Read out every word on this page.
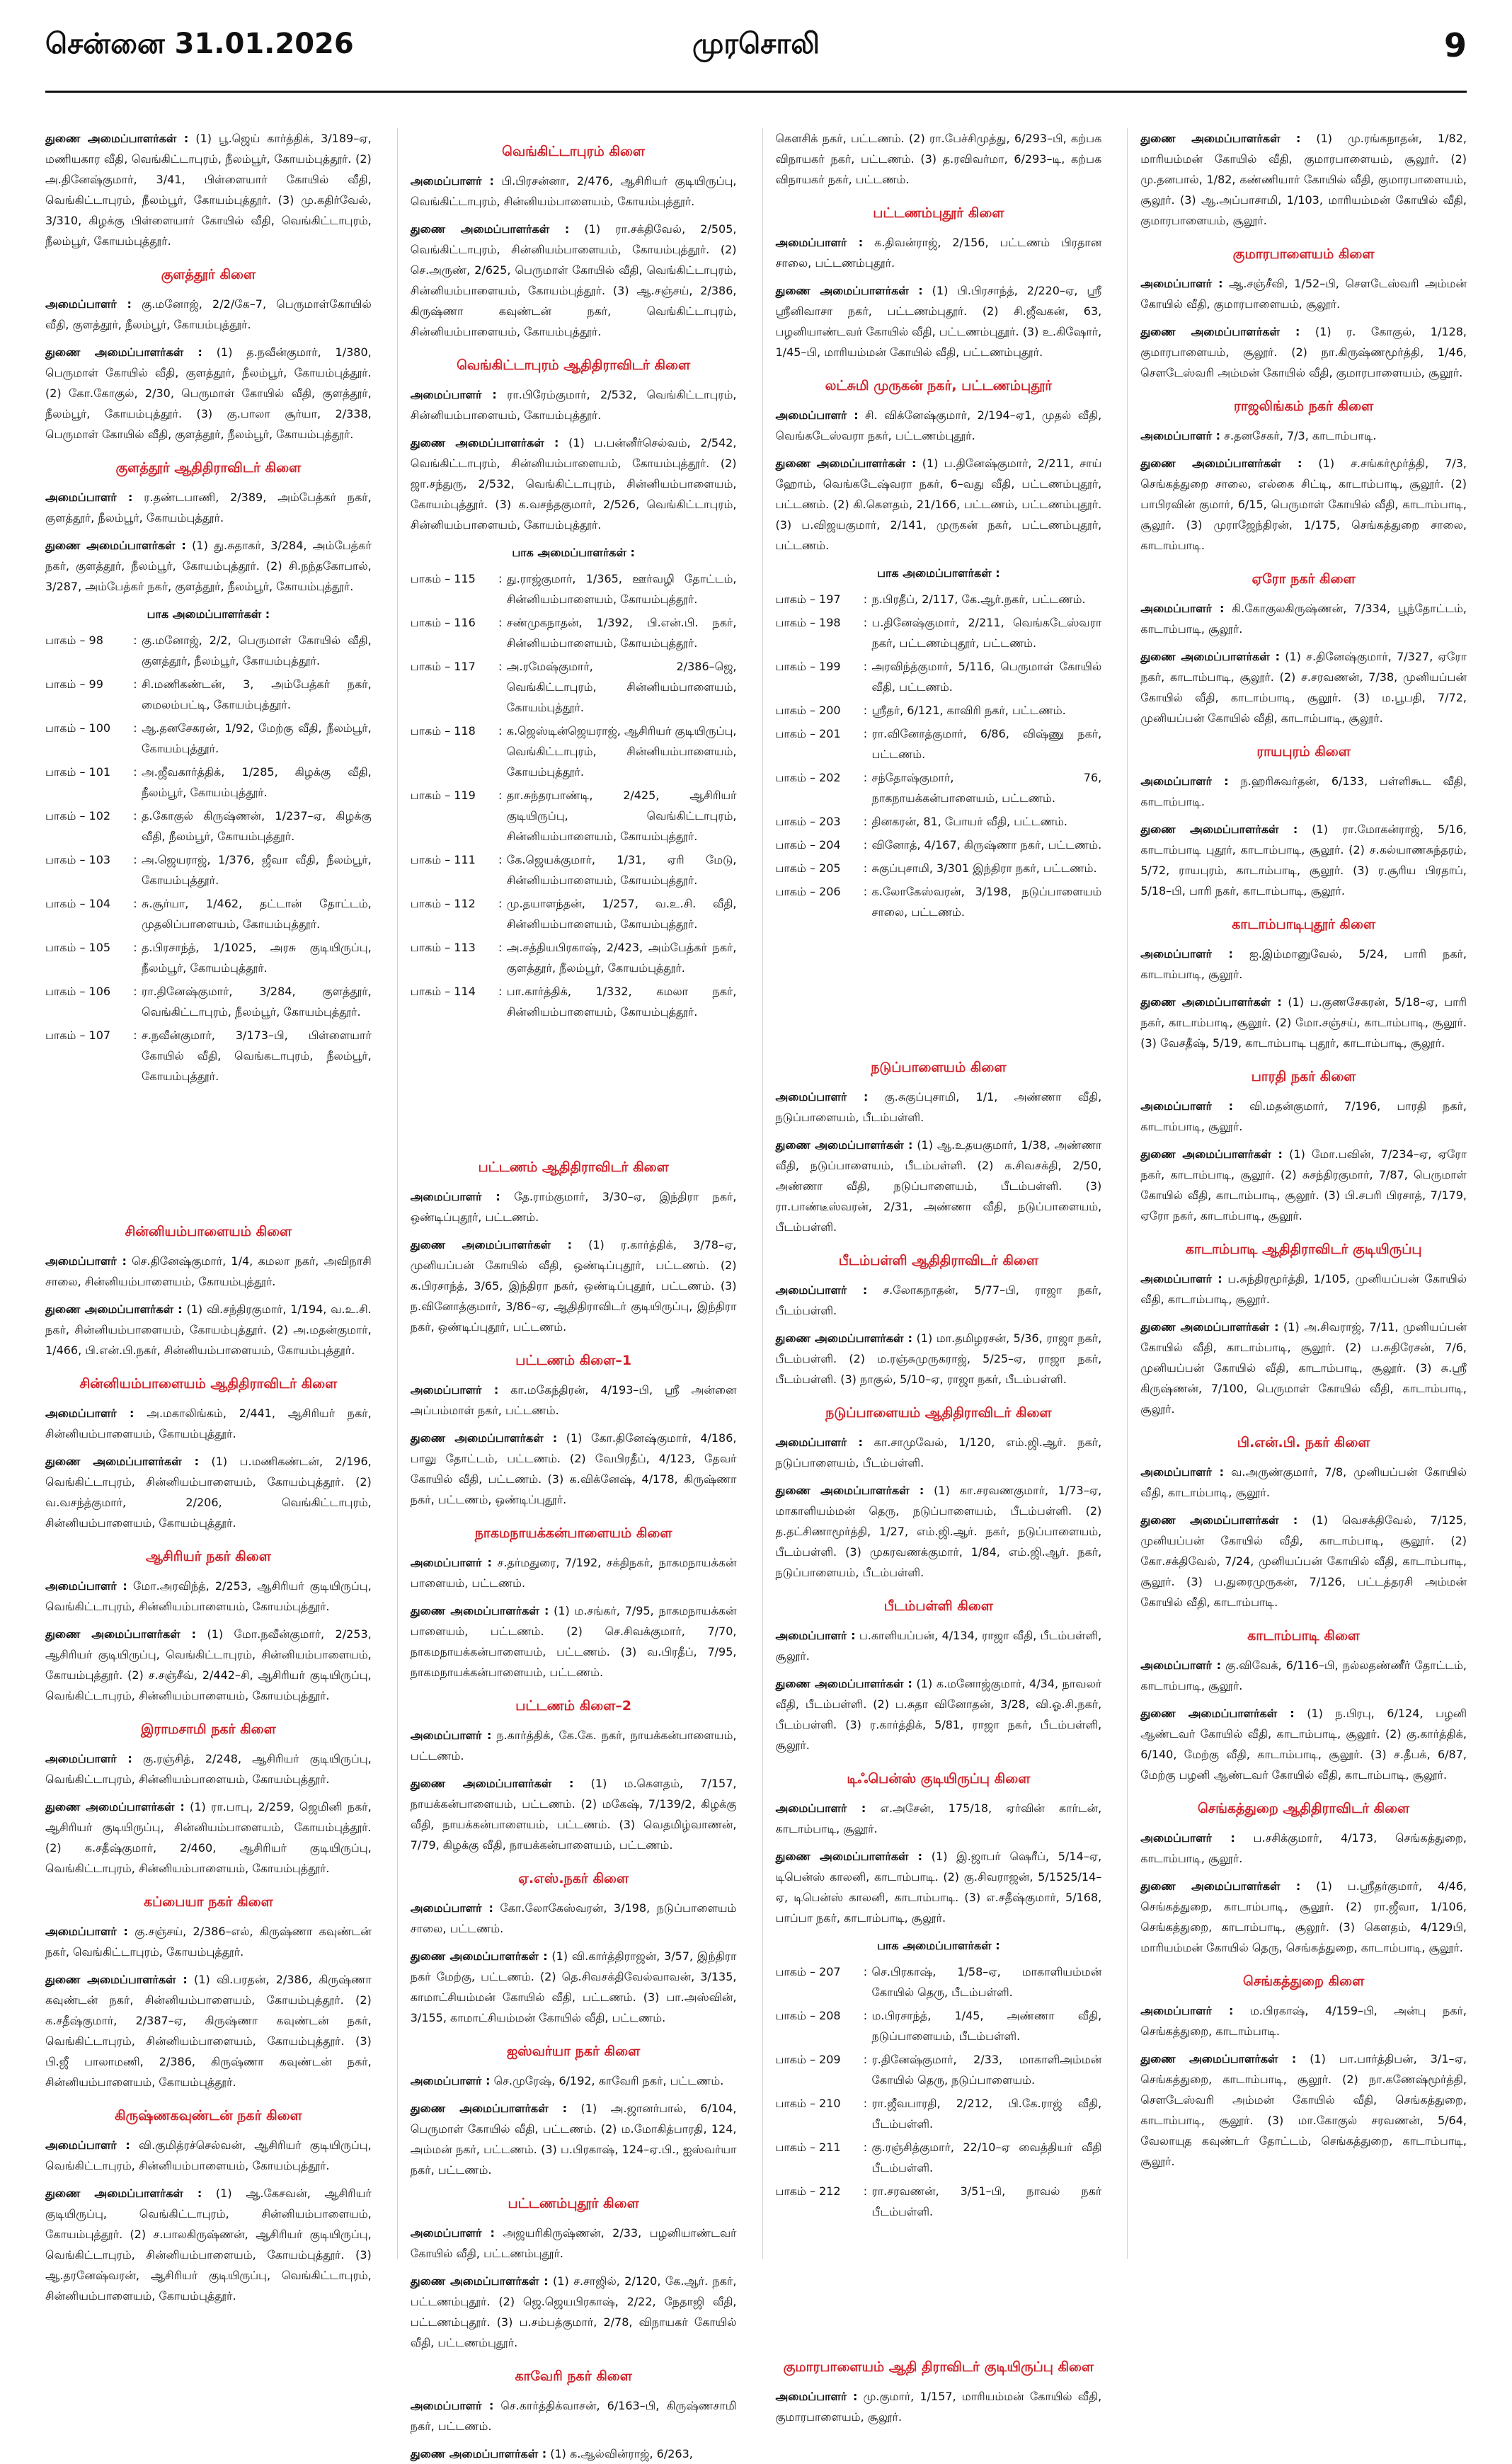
சென்னை 31.01.2026	முரசொலி	9

துணை அமைப்பாளர்கள் : (1) பூ.ஜெய் கார்த்திக், 3/189–ஏ, மணியகார வீதி, வெங்கிட்டாபுரம், நீலம்பூர், கோயம்புத்தூர். (2) அ.தினேஷ்குமார், 3/41, பிள்ளையார் கோயில் வீதி, வெங்கிட்டாபுரம், நீலம்பூர், கோயம்புத்தூர். (3) மு.கதிர்வேல், 3/310, கிழக்கு பிள்ளையார் கோயில் வீதி, வெங்கிட்டாபுரம், நீலம்பூர், கோயம்புத்தூர்.

குளத்தூர் கிளை

அமைப்பாளர் : கு.மனோஜ், 2/2/கே–7, பெருமாள்கோயில் வீதி, குளத்தூர், நீலம்பூர், கோயம்புத்தூர்.

துணை அமைப்பாளர்கள் : (1) த.நவீன்குமார், 1/380, பெருமாள் கோயில் வீதி, குளத்தூர், நீலம்பூர், கோயம்புத்தூர். (2) கோ.கோகுல், 2/30, பெருமாள் கோயில் வீதி, குளத்தூர், நீலம்பூர், கோயம்புத்தூர். (3) கு.பாலா சூர்யா, 2/338, பெருமாள் கோயில் வீதி, குளத்தூர், நீலம்பூர், கோயம்புத்தூர்.

குளத்தூர் ஆதிதிராவிடர் கிளை

அமைப்பாளர் : ர.தண்டபாணி, 2/389, அம்பேத்கர் நகர், குளத்தூர், நீலம்பூர், கோயம்புத்தூர்.

துணை அமைப்பாளர்கள் : (1) து.சுதாகர், 3/284, அம்பேத்கர் நகர், குளத்தூர், நீலம்பூர், கோயம்புத்தூர். (2) சி.நந்தகோபால், 3/287, அம்பேத்கர் நகர், குளத்தூர், நீலம்பூர், கோயம்புத்தூர்.

பாக அமைப்பாளர்கள் :
பாகம் – 98	: கு.மனோஜ், 2/2, பெருமாள் கோயில் வீதி, குளத்தூர், நீலம்பூர், கோயம்புத்தூர்.
பாகம் – 99	: சி.மணிகண்டன், 3, அம்பேத்கர் நகர், மைலம்பட்டி, கோயம்புத்தூர்.
பாகம் – 100	: ஆ.தனசேகரன், 1/92, மேற்கு வீதி, நீலம்பூர், கோயம்புத்தூர்.
பாகம் – 101	: அ.ஜீவகார்த்திக், 1/285, கிழக்கு வீதி, நீலம்பூர், கோயம்புத்தூர்.
பாகம் – 102	: த.கோகுல் கிருஷ்ணன், 1/237–ஏ, கிழக்கு வீதி, நீலம்பூர், கோயம்புத்தூர்.
பாகம் – 103	: அ.ஜெயராஜ், 1/376, ஜீவா வீதி, நீலம்பூர், கோயம்புத்தூர்.
பாகம் – 104	: சு.சூர்யா, 1/462, தட்டான் தோட்டம், முதலிப்பாளையம், கோயம்புத்தூர்.
பாகம் – 105	: த.பிரசாந்த், 1/1025, அரசு குடியிருப்பு, நீலம்பூர், கோயம்புத்தூர்.
பாகம் – 106	: ரா.தினேஷ்குமார், 3/284, குளத்தூர், வெங்கிட்டாபுரம், நீலம்பூர், கோயம்புத்தூர்.
பாகம் – 107	: ச.நவீன்குமார், 3/173–பி, பிள்ளையார் கோயில் வீதி, வெங்கடாபுரம், நீலம்பூர், கோயம்புத்தூர்.
சின்னியம்பாளையம் கிளை

அமைப்பாளர் : செ.தினேஷ்குமார், 1/4, கமலா நகர், அவிநாசி சாலை, சின்னியம்பாளையம், கோயம்புத்தூர்.

துணை அமைப்பாளர்கள் : (1) வி.சந்திரகுமார், 1/194, வ.உ.சி. நகர், சின்னியம்பாளையம், கோயம்புத்தூர். (2) அ.மதன்குமார், 1/466, பி.என்.பி.நகர், சின்னியம்பாளையம், கோயம்புத்தூர்.

சின்னியம்பாளையம் ஆதிதிராவிடர் கிளை

அமைப்பாளர் : அ.மகாலிங்கம், 2/441, ஆசிரியர் நகர், சின்னியம்பாளையம், கோயம்புத்தூர்.

துணை அமைப்பாளர்கள் : (1) ப.மணிகண்டன், 2/196, வெங்கிட்டாபுரம், சின்னியம்பாளையம், கோயம்புத்தூர். (2) வ.வசந்த்குமார், 2/206, வெங்கிட்டாபுரம், சின்னியம்பாளையம், கோயம்புத்தூர்.

ஆசிரியர் நகர் கிளை

அமைப்பாளர் : மோ.அரவிந்த், 2/253, ஆசிரியர் குடியிருப்பு, வெங்கிட்டாபுரம், சின்னியம்பாளையம், கோயம்புத்தூர்.

துணை அமைப்பாளர்கள் : (1) மோ.நவீன்குமார், 2/253, ஆசிரியர் குடியிருப்பு, வெங்கிட்டாபுரம், சின்னியம்பாளையம், கோயம்புத்தூர். (2) ச.சஞ்சீவ், 2/442–சி, ஆசிரியர் குடியிருப்பு, வெங்கிட்டாபுரம், சின்னியம்பாளையம், கோயம்புத்தூர்.

இராமசாமி நகர் கிளை

அமைப்பாளர் : கு.ரஞ்சித், 2/248, ஆசிரியர் குடியிருப்பு, வெங்கிட்டாபுரம், சின்னியம்பாளையம், கோயம்புத்தூர்.

துணை அமைப்பாளர்கள் : (1) ரா.பாபு, 2/259, ஜெமினி நகர், ஆசிரியர் குடியிருப்பு, சின்னியம்பாளையம், கோயம்புத்தூர். (2) க.சதீஷ்குமார், 2/460, ஆசிரியர் குடியிருப்பு, வெங்கிட்டாபுரம், சின்னியம்பாளையம், கோயம்புத்தூர்.

கப்பையா நகர் கிளை

அமைப்பாளர் : கு.சஞ்சய், 2/386–எல், கிருஷ்ணா கவுண்டன் நகர், வெங்கிட்டாபுரம், கோயம்புத்தூர்.

துணை அமைப்பாளர்கள் : (1) வி.பரதன், 2/386, கிருஷ்ணா கவுண்டன் நகர், சின்னியம்பாளையம், கோயம்புத்தூர். (2) க.சதீஷ்குமார், 2/387–ஏ, கிருஷ்ணா கவுண்டன் நகர், வெங்கிட்டாபுரம், சின்னியம்பாளையம், கோயம்புத்தூர். (3) பி.ஜீ பாலாமணி, 2/386, கிருஷ்ணா கவுண்டன் நகர், சின்னியம்பாளையம், கோயம்புத்தூர்.

கிருஷ்ணகவுண்டன் நகர் கிளை

அமைப்பாளர் : வி.குமித்ரச்செல்வன், ஆசிரியர் குடியிருப்பு, வெங்கிட்டாபுரம், சின்னியம்பாளையம், கோயம்புத்தூர்.

துணை அமைப்பாளர்கள் : (1) ஆ.கேசவன், ஆசிரியர் குடியிருப்பு, வெங்கிட்டாபுரம், சின்னியம்பாளையம், கோயம்புத்தூர். (2) ச.பாலகிருஷ்ணன், ஆசிரியர் குடியிருப்பு, வெங்கிட்டாபுரம், சின்னியம்பாளையம், கோயம்புத்தூர். (3) ஆ.தரனேஷ்வரன், ஆசிரியர் குடியிருப்பு, வெங்கிட்டாபுரம், சின்னியம்பாளையம், கோயம்புத்தூர்.

வெங்கிட்டாபுரம் கிளை

அமைப்பாளர் : பி.பிரசன்னா, 2/476, ஆசிரியர் குடியிருப்பு, வெங்கிட்டாபுரம், சின்னியம்பாளையம், கோயம்புத்தூர்.

துணை அமைப்பாளர்கள் : (1) ரா.சக்திவேல், 2/505, வெங்கிட்டாபுரம், சின்னியம்பாளையம், கோயம்புத்தூர். (2) செ.அருண், 2/625, பெருமாள் கோயில் வீதி, வெங்கிட்டாபுரம், சின்னியம்பாளையம், கோயம்புத்தூர். (3) ஆ.சஞ்சய், 2/386, கிருஷ்ணா கவுண்டன் நகர், வெங்கிட்டாபுரம், சின்னியம்பாளையம், கோயம்புத்தூர்.

வெங்கிட்டாபுரம் ஆதிதிராவிடர் கிளை

அமைப்பாளர் : ரா.பிரேம்குமார், 2/532, வெங்கிட்டாபுரம், சின்னியம்பாளையம், கோயம்புத்தூர்.

துணை அமைப்பாளர்கள் : (1) ப.பன்னீர்செல்வம், 2/542, வெங்கிட்டாபுரம், சின்னியம்பாளையம், கோயம்புத்தூர். (2) ஜா.சந்துரு, 2/532, வெங்கிட்டாபுரம், சின்னியம்பாளையம், கோயம்புத்தூர். (3) க.வசந்தகுமார், 2/526, வெங்கிட்டாபுரம், சின்னியம்பாளையம், கோயம்புத்தூர்.

பாக அமைப்பாளர்கள் :
பாகம் – 115	: து.ராஜ்குமார், 1/365, ஊர்வழி தோட்டம், சின்னியம்பாளையம், கோயம்புத்தூர்.
பாகம் – 116	: சண்முகநாதன், 1/392, பி.என்.பி. நகர், சின்னியம்பாளையம், கோயம்புத்தூர்.
பாகம் – 117	: அ.ரமேஷ்குமார், 2/386–ஜெ, வெங்கிட்டாபுரம், சின்னியம்பாளையம், கோயம்புத்தூர்.
பாகம் – 118	: க.ஜெஸ்டின்ஜெயராஜ், ஆசிரியர் குடியிருப்பு, வெங்கிட்டாபுரம், சின்னியம்பாளையம், கோயம்புத்தூர்.
பாகம் – 119	: தா.சுந்தரபாண்டி, 2/425, ஆசிரியர் குடியிருப்பு, வெங்கிட்டாபுரம், சின்னியம்பாளையம், கோயம்புத்தூர்.
பாகம் – 111	: கே.ஜெயக்குமார், 1/31, ஏரி மேடு, சின்னியம்பாளையம், கோயம்புத்தூர்.
பாகம் – 112	: மு.தயாளந்தன், 1/257, வ.உ.சி. வீதி, சின்னியம்பாளையம், கோயம்புத்தூர்.
பாகம் – 113	: அ.சத்தியபிரகாஷ், 2/423, அம்பேத்கர் நகர், குளத்தூர், நீலம்பூர், கோயம்புத்தூர்.
பாகம் – 114	: பா.கார்த்திக், 1/332, கமலா நகர், சின்னியம்பாளையம், கோயம்புத்தூர்.
பட்டணம் ஆதிதிராவிடர் கிளை

அமைப்பாளர் : தே.ராம்குமார், 3/30–ஏ, இந்திரா நகர், ஒண்டிப்புதூர், பட்டணம்.

துணை அமைப்பாளர்கள் : (1) ர.கார்த்திக், 3/78–ஏ, முனியப்பன் கோயில் வீதி, ஒண்டிப்புதூர், பட்டணம். (2) க.பிரசாந்த், 3/65, இந்திரா நகர், ஒண்டிப்புதூர், பட்டணம். (3) ந.வினோத்குமார், 3/86–ஏ, ஆதிதிராவிடர் குடியிருப்பு, இந்திரா நகர், ஒண்டிப்புதூர், பட்டணம்.

பட்டணம் கிளை–1

அமைப்பாளர் : கா.மகேந்திரன், 4/193–பி, ஸ்ரீ அன்னை அப்பம்மாள் நகர், பட்டணம்.

துணை அமைப்பாளர்கள் : (1) கோ.தினேஷ்குமார், 4/186, பாலு தோட்டம், பட்டணம். (2) வேபிரதீப், 4/123, தேவர் கோயில் வீதி, பட்டணம். (3) க.விக்னேஷ், 4/178, கிருஷ்ணா நகர், பட்டணம், ஒண்டிப்புதூர்.

நாகமநாயக்கன்பாளையம் கிளை

அமைப்பாளர் : ச.தர்மதுரை, 7/192, சக்திநகர், நாகமநாயக்கன் பாளையம், பட்டணம்.

துணை அமைப்பாளர்கள் : (1) ம.சங்கர், 7/95, நாகமநாயக்கன் பாளையம், பட்டணம். (2) செ.சிவக்குமார், 7/70, நாகமநாயக்கன்பாளையம், பட்டணம். (3) வ.பிரதீப், 7/95, நாகமநாயக்கன்பாளையம், பட்டணம்.

பட்டணம் கிளை–2

அமைப்பாளர் : ந.கார்த்திக், கே.கே. நகர், நாயக்கன்பாளையம், பட்டணம்.

துணை அமைப்பாளர்கள் : (1) ம.கௌதம், 7/157, நாயக்கன்பாளையம், பட்டணம். (2) மகேஷ், 7/139/2, கிழக்கு வீதி, நாயக்கன்பாளையம், பட்டணம். (3) வெதமிழ்வாணன், 7/79, கிழக்கு வீதி, நாயக்கன்பாளையம், பட்டணம்.

ஏ.எஸ்.நகர் கிளை

அமைப்பாளர் : கோ.லோகேஸ்வரன், 3/198, நடுப்பாளையம் சாலை, பட்டணம்.

துணை அமைப்பாளர்கள் : (1) வி.கார்த்திராஜன், 3/57, இந்திரா நகர் மேற்கு, பட்டணம். (2) தெ.சிவசக்திவேல்வாவன், 3/135, காமாட்சியம்மன் கோயில் வீதி, பட்டணம். (3) பா.அஸ்வின், 3/155, காமாட்சியம்மன் கோயில் வீதி, பட்டணம்.

ஐஸ்வர்யா நகர் கிளை

அமைப்பாளர் : செ.முரேஷ், 6/192, காவேரி நகர், பட்டணம்.

துணை அமைப்பாளர்கள் : (1) அ.ஜானர்பால், 6/104, பெருமாள் கோயில் வீதி, பட்டணம். (2) ம.மோகித்பாரதி, 124, அம்மன் நகர், பட்டணம். (3) ப.பிரகாஷ், 124–ஏ.பி., ஐஸ்வர்யா நகர், பட்டணம்.

பட்டணம்புதூர் கிளை

அமைப்பாளர் : அஜயரிகிருஷ்ணன், 2/33, பழனியாண்டவர் கோயில் வீதி, பட்டணம்புதூர்.

துணை அமைப்பாளர்கள் : (1) ச.சாஜில், 2/120, கே.ஆர். நகர், பட்டணம்புதூர். (2) ஜெ.ஜெயபிரகாஷ், 2/22, நேதாஜி வீதி, பட்டணம்புதூர். (3) ப.சம்பத்குமார், 2/78, விநாயகர் கோயில் வீதி, பட்டணம்புதூர்.

காவேரி நகர் கிளை

அமைப்பாளர் : செ.கார்த்திக்வாசன், 6/163–பி, கிருஷ்ணசாமி நகர், பட்டணம்.

துணை அமைப்பாளர்கள் : (1) க.ஆல்வின்ராஜ், 6/263,

கௌசிக் நகர், பட்டணம். (2) ரா.பேச்சிமுத்து, 6/293–பி, கற்பக விநாயகர் நகர், பட்டணம். (3) த.ரவிவர்மா, 6/293–டி, கற்பக விநாயகர் நகர், பட்டணம்.

பட்டணம்புதூர் கிளை

அமைப்பாளர் : க.திவன்ராஜ், 2/156, பட்டணம் பிரதான சாலை, பட்டணம்புதூர்.

துணை அமைப்பாளர்கள் : (1) பி.பிரசாந்த், 2/220–ஏ, ஸ்ரீ ஸ்ரீனிவாசா நகர், பட்டணம்புதூர். (2) சி.ஜீவகன், 63, பழனியாண்டவர் கோயில் வீதி, பட்டணம்புதூர். (3) உ.கிஷோர், 1/45–பி, மாரியம்மன் கோயில் வீதி, பட்டணம்புதூர்.

லட்சுமி முருகன் நகர், பட்டணம்புதூர்

அமைப்பாளர் : சி. விக்னேஷ்குமார், 2/194–ஏ1, முதல் வீதி, வெங்கடேஸ்வரா நகர், பட்டணம்புதூர்.

துணை அமைப்பாளர்கள் : (1) ப.தினேஷ்குமார், 2/211, சாய் ஹோம், வெங்கடேஷ்வரா நகர், 6–வது வீதி, பட்டணம்புதூர், பட்டணம். (2) கி.கௌதம், 21/166, பட்டணம், பட்டணம்புதூர். (3) ப.விஜயகுமார், 2/141, முருகன் நகர், பட்டணம்புதூர், பட்டணம்.

பாக அமைப்பாளர்கள் :
பாகம் – 197	: ந.பிரதீப், 2/117, கே.ஆர்.நகர், பட்டணம்.
பாகம் – 198	: ப.தினேஷ்குமார், 2/211, வெங்கடேஸ்வரா நகர், பட்டணம்புதூர், பட்டணம்.
பாகம் – 199	: அரவிந்த்குமார், 5/116, பெருமாள் கோயில் வீதி, பட்டணம்.
பாகம் – 200	: ஸ்ரீதர், 6/121, காவிரி நகர், பட்டணம்.
பாகம் – 201	: ரா.வினோத்குமார், 6/86, விஷ்ணு நகர், பட்டணம்.
பாகம் – 202	: சந்தோஷ்குமார், 76, நாகநாயக்கன்பாளையம், பட்டணம்.
பாகம் – 203	: தினகரன், 81, போயர் வீதி, பட்டணம்.
பாகம் – 204	: வினோத், 4/167, கிருஷ்ணா நகர், பட்டணம்.
பாகம் – 205	: சுகுப்புசாமி, 3/301 இந்திரா நகர், பட்டணம்.
பாகம் – 206	: க.லோகேஸ்வரன், 3/198, நடுப்பாளையம் சாலை, பட்டணம்.
நடுப்பாளையம் கிளை

அமைப்பாளர் : கு.சுகுப்புசாமி, 1/1, அண்ணா வீதி, நடுப்பாளையம், பீடம்பள்ளி.

துணை அமைப்பாளர்கள் : (1) ஆ.உதயகுமார், 1/38, அண்ணா வீதி, நடுப்பாளையம், பீடம்பள்ளி. (2) க.சிவசக்தி, 2/50, அண்ணா வீதி, நடுப்பாளையம், பீடம்பள்ளி. (3) ரா.பாண்டீஸ்வரன், 2/31, அண்ணா வீதி, நடுப்பாளையம், பீடம்பள்ளி.

பீடம்பள்ளி ஆதிதிராவிடர் கிளை

அமைப்பாளர் : ச.லோகநாதன், 5/77–பி, ராஜா நகர், பீடம்பள்ளி.

துணை அமைப்பாளர்கள் : (1) மா.தமிழரசன், 5/36, ராஜா நகர், பீடம்பள்ளி. (2) ம.ரஞ்சுமுருகராஜ், 5/25–ஏ, ராஜா நகர், பீடம்பள்ளி. (3) நாகுல், 5/10–ஏ, ராஜா நகர், பீடம்பள்ளி.

நடுப்பாளையம் ஆதிதிராவிடர் கிளை

அமைப்பாளர் : கா.சாமுவேல், 1/120, எம்.ஜி.ஆர். நகர், நடுப்பாளையம், பீடம்பள்ளி.

துணை அமைப்பாளர்கள் : (1) கா.சரவணகுமார், 1/73–ஏ, மாகாளியம்மன் தெரு, நடுப்பாளையம், பீடம்பள்ளி. (2) த.தட்சிணாமூர்த்தி, 1/27, எம்.ஜி.ஆர். நகர், நடுப்பாளையம், பீடம்பள்ளி. (3) முகரவணக்குமார், 1/84, எம்.ஜி.ஆர். நகர், நடுப்பாளையம், பீடம்பள்ளி.

பீடம்பள்ளி கிளை

அமைப்பாளர் : ப.காளியப்பன், 4/134, ராஜா வீதி, பீடம்பள்ளி, சூலூர்.

துணை அமைப்பாளர்கள் : (1) க.மனோஜ்குமார், 4/34, நாவலர் வீதி, பீடம்பள்ளி. (2) ப.சுதா வினோதன், 3/28, வி.ஓ.சி.நகர், பீடம்பள்ளி. (3) ர.கார்த்திக், 5/81, ராஜா நகர், பீடம்பள்ளி, சூலூர்.

டிஃபென்ஸ் குடியிருப்பு கிளை

அமைப்பாளர் : எ.அசேன், 175/18, ஏர்வின் கார்டன், காடாம்பாடி, சூலூர்.

துணை அமைப்பாளர்கள் : (1) இ.ஜாபர் ஷெரீப், 5/14–ஏ, டிபென்ஸ் காலனி, காடாம்பாடி. (2) கு.சிவராஜன், 5/1525/14–ஏ, டிபென்ஸ் காலனி, காடாம்பாடி. (3) எ.சதீஷ்குமார், 5/168, பாப்பா நகர், காடாம்பாடி, சூலூர்.

பாக அமைப்பாளர்கள் :
பாகம் – 207	: செ.பிரகாஷ், 1/58–ஏ, மாகாளியம்மன் கோயில் தெரு, பீடம்பள்ளி.
பாகம் – 208	: ம.பிரசாந்த், 1/45, அண்ணா வீதி, நடுப்பாளையம், பீடம்பள்ளி.
பாகம் – 209	: ர.தினேஷ்குமார், 2/33, மாகாளிஅம்மன் கோயில் தெரு, நடுப்பாளையம்.
பாகம் – 210	: ரா.ஜீவபாரதி, 2/212, பி.கே.ராஜ் வீதி, பீடம்பள்ளி.
பாகம் – 211	: கு.ரஞ்சித்குமார், 22/10–ஏ வைத்தியர் வீதி பீடம்பள்ளி.
பாகம் – 212	: ரா.சரவணன், 3/51–பி, நாவல் நகர் பீடம்பள்ளி.
குமாரபாளையம் ஆதி திராவிடர் குடியிருப்பு கிளை

அமைப்பாளர் : மு.குமார், 1/157, மாரியம்மன் கோயில் வீதி, குமாரபாளையம், சூலூர்.

துணை அமைப்பாளர்கள் : (1) மு.ரங்கநாதன், 1/82, மாரியம்மன் கோயில் வீதி, குமாரபாளையம், சூலூர். (2) மு.தனபால், 1/82, கண்ணியார் கோயில் வீதி, குமாரபாளையம், சூலூர். (3) ஆ.அப்பாசாமி, 1/103, மாரியம்மன் கோயில் வீதி, குமாரபாளையம், சூலூர்.

குமாரபாளையம் கிளை

அமைப்பாளர் : ஆ.சஞ்சீவி, 1/52–பி, சௌடேஸ்வரி அம்மன் கோயில் வீதி, குமாரபாளையம், சூலூர்.

துணை அமைப்பாளர்கள் : (1) ர. கோகுல், 1/128, குமாரபாளையம், சூலூர். (2) நா.கிருஷ்ணமூர்த்தி, 1/46, சௌடேஸ்வரி அம்மன் கோயில் வீதி, குமாரபாளையம், சூலூர்.

ராஜலிங்கம் நகர் கிளை

அமைப்பாளர் : ச.தனசேகர், 7/3, காடாம்பாடி.

துணை அமைப்பாளர்கள் : (1) ச.சங்கர்மூர்த்தி, 7/3, செங்கத்துறை சாலை, எல்கை சிட்டி, காடாம்பாடி, சூலூர். (2) பாபிரவின் குமார், 6/15, பெருமாள் கோயில் வீதி, காடாம்பாடி, சூலூர். (3) முராஜேந்திரன், 1/175, செங்கத்துறை சாலை, காடாம்பாடி.

ஏரோ நகர் கிளை

அமைப்பாளர் : கி.கோகுலகிருஷ்ணன், 7/334, பூந்தோட்டம், காடாம்பாடி, சூலூர்.

துணை அமைப்பாளர்கள் : (1) ச.தினேஷ்குமார், 7/327, ஏரோ நகர், காடாம்பாடி, சூலூர். (2) ச.சரவணன், 7/38, முனியப்பன் கோயில் வீதி, காடாம்பாடி, சூலூர். (3) ம.பூபதி, 7/72, முனியப்பன் கோயில் வீதி, காடாம்பாடி, சூலூர்.

ராயபுரம் கிளை

அமைப்பாளர் : ந.ஹரிசுவர்தன், 6/133, பள்ளிகூட வீதி, காடாம்பாடி.

துணை அமைப்பாளர்கள் : (1) ரா.மோகன்ராஜ், 5/16, காடாம்பாடி புதூர், காடாம்பாடி, சூலூர். (2) ச.கல்யாணசுந்தரம், 5/72, ராயபுரம், காடாம்பாடி, சூலூர். (3) ர.சூரிய பிரதாப், 5/18–பி, பாரி நகர், காடாம்பாடி, சூலூர்.

காடாம்பாடிபுதூர் கிளை

அமைப்பாளர் : ஐ.இம்மானுவேல், 5/24, பாரி நகர், காடாம்பாடி, சூலூர்.

துணை அமைப்பாளர்கள் : (1) ப.குணசேகரன், 5/18–ஏ, பாரி நகர், காடாம்பாடி, சூலூர். (2) மோ.சஞ்சய், காடாம்பாடி, சூலூர். (3) வேசதீஷ், 5/19, காடாம்பாடி புதூர், காடாம்பாடி, சூலூர்.

பாரதி நகர் கிளை

அமைப்பாளர் : வி.மதன்குமார், 7/196, பாரதி நகர், காடாம்பாடி, சூலூர்.

துணை அமைப்பாளர்கள் : (1) மோ.பவின், 7/234–ஏ, ஏரோ நகர், காடாம்பாடி, சூலூர். (2) சுசந்திரகுமார், 7/87, பெருமாள் கோயில் வீதி, காடாம்பாடி, சூலூர். (3) பி.சபரி பிரசாத், 7/179, ஏரோ நகர், காடாம்பாடி, சூலூர்.

காடாம்பாடி ஆதிதிராவிடர் குடியிருப்பு

அமைப்பாளர் : ப.சுந்திரமூர்த்தி, 1/105, முனியப்பன் கோயில் வீதி, காடாம்பாடி, சூலூர்.

துணை அமைப்பாளர்கள் : (1) அ.சிவராஜ், 7/11, முனியப்பன் கோயில் வீதி, காடாம்பாடி, சூலூர். (2) ப.சுதிரேசன், 7/6, முனியப்பன் கோயில் வீதி, காடாம்பாடி, சூலூர். (3) சு.ஸ்ரீ கிருஷ்ணன், 7/100, பெருமாள் கோயில் வீதி, காடாம்பாடி, சூலூர்.

பி.என்.பி. நகர் கிளை

அமைப்பாளர் : வ.அருண்குமார், 7/8, முனியப்பன் கோயில் வீதி, காடாம்பாடி, சூலூர்.

துணை அமைப்பாளர்கள் : (1) வெசக்திவேல், 7/125, முனியப்பன் கோயில் வீதி, காடாம்பாடி, சூலூர். (2) கோ.சக்திவேல், 7/24, முனியப்பன் கோயில் வீதி, காடாம்பாடி, சூலூர். (3) ப.துரைமுருகன், 7/126, பட்டத்தரசி அம்மன் கோயில் வீதி, காடாம்பாடி.

காடாம்பாடி கிளை

அமைப்பாளர் : கு.விவேக், 6/116–பி, நல்லதண்ணீர் தோட்டம், காடாம்பாடி, சூலூர்.

துணை அமைப்பாளர்கள் : (1) ந.பிரபு, 6/124, பழனி ஆண்டவர் கோயில் வீதி, காடாம்பாடி, சூலூர். (2) கு.கார்த்திக், 6/140, மேற்கு வீதி, காடாம்பாடி, சூலூர். (3) ச.தீபக், 6/87, மேற்கு பழனி ஆண்டவர் கோயில் வீதி, காடாம்பாடி, சூலூர்.

செங்கத்துறை ஆதிதிராவிடர் கிளை

அமைப்பாளர் : ப.சசிக்குமார், 4/173, செங்கத்துறை, காடாம்பாடி, சூலூர்.

துணை அமைப்பாளர்கள் : (1) ப.ஸ்ரீதர்குமார், 4/46, செங்கத்துறை, காடாம்பாடி, சூலூர். (2) ரா.ஜீவா, 1/106, செங்கத்துறை, காடாம்பாடி, சூலூர். (3) கௌதம், 4/129பி, மாரியம்மன் கோயில் தெரு, செங்கத்துறை, காடாம்பாடி, சூலூர்.

செங்கத்துறை கிளை

அமைப்பாளர் : ம.பிரகாஷ், 4/159–பி, அன்பு நகர், செங்கத்துறை, காடாம்பாடி.

துணை அமைப்பாளர்கள் : (1) பா.பார்த்திபன், 3/1–ஏ, செங்கத்துறை, காடாம்பாடி, சூலூர். (2) நா.கணேஷ்மூர்த்தி, சௌடேஸ்வரி அம்மன் கோயில் வீதி, செங்கத்துறை, காடாம்பாடி, சூலூர். (3) மா.கோகுல் சரவணன், 5/64, வேலாயுத கவுண்டர் தோட்டம், செங்கத்துறை, காடாம்பாடி, சூலூர்.
